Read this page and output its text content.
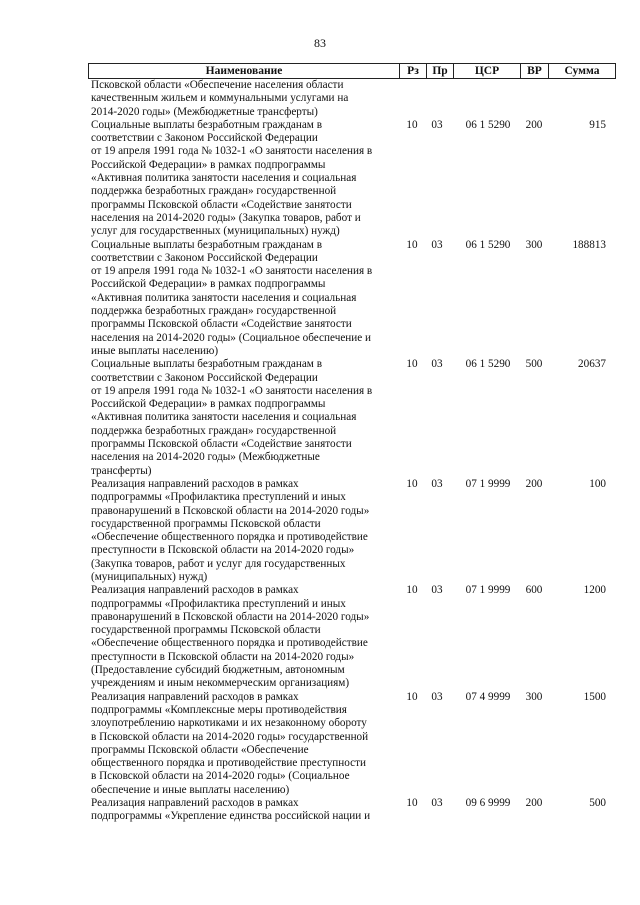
83
Наименование	Рз	Пр	ЦСР	ВР	Сумма
Псковской области «Обеспечение населения области
качественным жильем и коммунальными услугами на
2014-2020 годы» (Межбюджетные трансферты)
Социальные выплаты безработным гражданам в
соответствии с Законом Российской Федерации
от 19 апреля 1991 года № 1032-1 «О занятости населения в
Российской Федерации» в рамках подпрограммы
«Активная политика занятости населения и социальная
поддержка безработных граждан» государственной
программы Псковской области «Содействие занятости
населения на 2014-2020 годы» (Закупка товаров, работ и
услуг для государственных (муниципальных) нужд)
10	03	06 1 5290	200	915
Социальные выплаты безработным гражданам в
соответствии с Законом Российской Федерации
от 19 апреля 1991 года № 1032-1 «О занятости населения в
Российской Федерации» в рамках подпрограммы
«Активная политика занятости населения и социальная
поддержка безработных граждан» государственной
программы Псковской области «Содействие занятости
населения на 2014-2020 годы» (Социальное обеспечение и
иные выплаты населению)
10	03	06 1 5290	300	188813
Социальные выплаты безработным гражданам в
соответствии с Законом Российской Федерации
от 19 апреля 1991 года № 1032-1 «О занятости населения в
Российской Федерации» в рамках подпрограммы
«Активная политика занятости населения и социальная
поддержка безработных граждан» государственной
программы Псковской области «Содействие занятости
населения на 2014-2020 годы» (Межбюджетные
трансферты)
10	03	06 1 5290	500	20637
Реализация направлений расходов в рамках
подпрограммы «Профилактика преступлений и иных
правонарушений в Псковской области на 2014-2020 годы»
государственной программы Псковской области
«Обеспечение общественного порядка и противодействие
преступности в Псковской области на 2014-2020 годы»
(Закупка товаров, работ и услуг для государственных
(муниципальных) нужд)
10	03	07 1 9999	200	100
Реализация направлений расходов в рамках
подпрограммы «Профилактика преступлений и иных
правонарушений в Псковской области на 2014-2020 годы»
государственной программы Псковской области
«Обеспечение общественного порядка и противодействие
преступности в Псковской области на 2014-2020 годы»
(Предоставление субсидий бюджетным, автономным
учреждениям и иным некоммерческим организациям)
10	03	07 1 9999	600	1200
Реализация направлений расходов в рамках
подпрограммы «Комплексные меры противодействия
злоупотреблению наркотиками и их незаконному обороту
в Псковской области на 2014-2020 годы» государственной
программы Псковской области «Обеспечение
общественного порядка и противодействие преступности
в Псковской области на 2014-2020 годы» (Социальное
обеспечение и иные выплаты населению)
10	03	07 4 9999	300	1500
Реализация направлений расходов в рамках
подпрограммы «Укрепление единства российской нации и
10	03	09 6 9999	200	500
